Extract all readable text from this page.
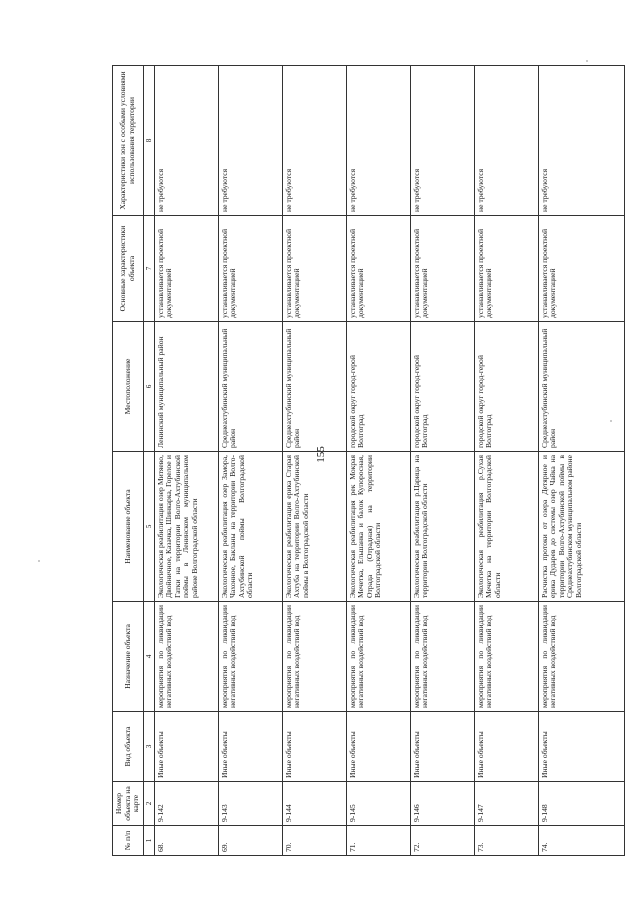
155
№ п/п	Номер объекта на карте	Вид объекта	Назначение объекта	Наименование объекта	Местоположение	Основные характеристики объекта	Характеристики зон с особыми условиями использования территории
1	2	3	4	5	6	7	8
68.	9-142	Иные объекты	мероприятия по ликвидации негативных воздействий вод	Экологическая реабилитация озер Митяево, Двойничное, Казачка, Шинкарка, Горелое и Гатки на территории Волго-Ахтубинской поймы в Ленинском муниципальном районе Волгоградской области	Ленинский муниципальный район	устанавливается проектной документацией	не требуются
69.	9-143	Иные объекты	мероприятия по ликвидации негативных воздействий вод	Экологическая реабилитация озер Замора, Чахонное, Бакланы на территории Волго-Ахтубинской поймы Волгоградской области	Среднеахтубинский муниципальный район	устанавливается проектной документацией	не требуются
70.	9-144	Иные объекты	мероприятия по ликвидации негативных воздействий вод	Экологическая реабилитация ерика Старая Ахтуба на территории Волго-Ахтубинской поймы в Волгоградской области	Среднеахтубинский муниципальный район	устанавливается проектной документацией	не требуются
71.	9-145	Иные объекты	мероприятия по ликвидации негативных воздействий вод	Экологическая реабилитация рек Мокрая Мечетка, Ельшанка и балок Купоросная, Отрада (Отрадная) на территории Волгоградской области	городской округ город-герой Волгоград	устанавливается проектной документацией	не требуются
72.	9-146	Иные объекты	мероприятия по ликвидации негативных воздействий вод	Экологическая реабилитация р.Царица на территории Волгоградской области	городской округ город-герой Волгоград	устанавливается проектной документацией	не требуются
73.	9-147	Иные объекты	мероприятия по ликвидации негативных воздействий вод	Экологическая реабилитация р.Сухая Мечетка на территории Волгоградской области	городской округ город-герой Волгоград	устанавливается проектной документацией	не требуются
74.	9-148	Иные объекты	мероприятия по ликвидации негативных воздействий вод	Расчистка протоки от озера Детярное и ерика Дударев до системы озер Чайка на территории Волго-Ахтубинской поймы в Среднеахтубинском муниципальном районе Волгоградской области	Среднеахтубинский муниципальный район	устанавливается проектной документацией	не требуются
